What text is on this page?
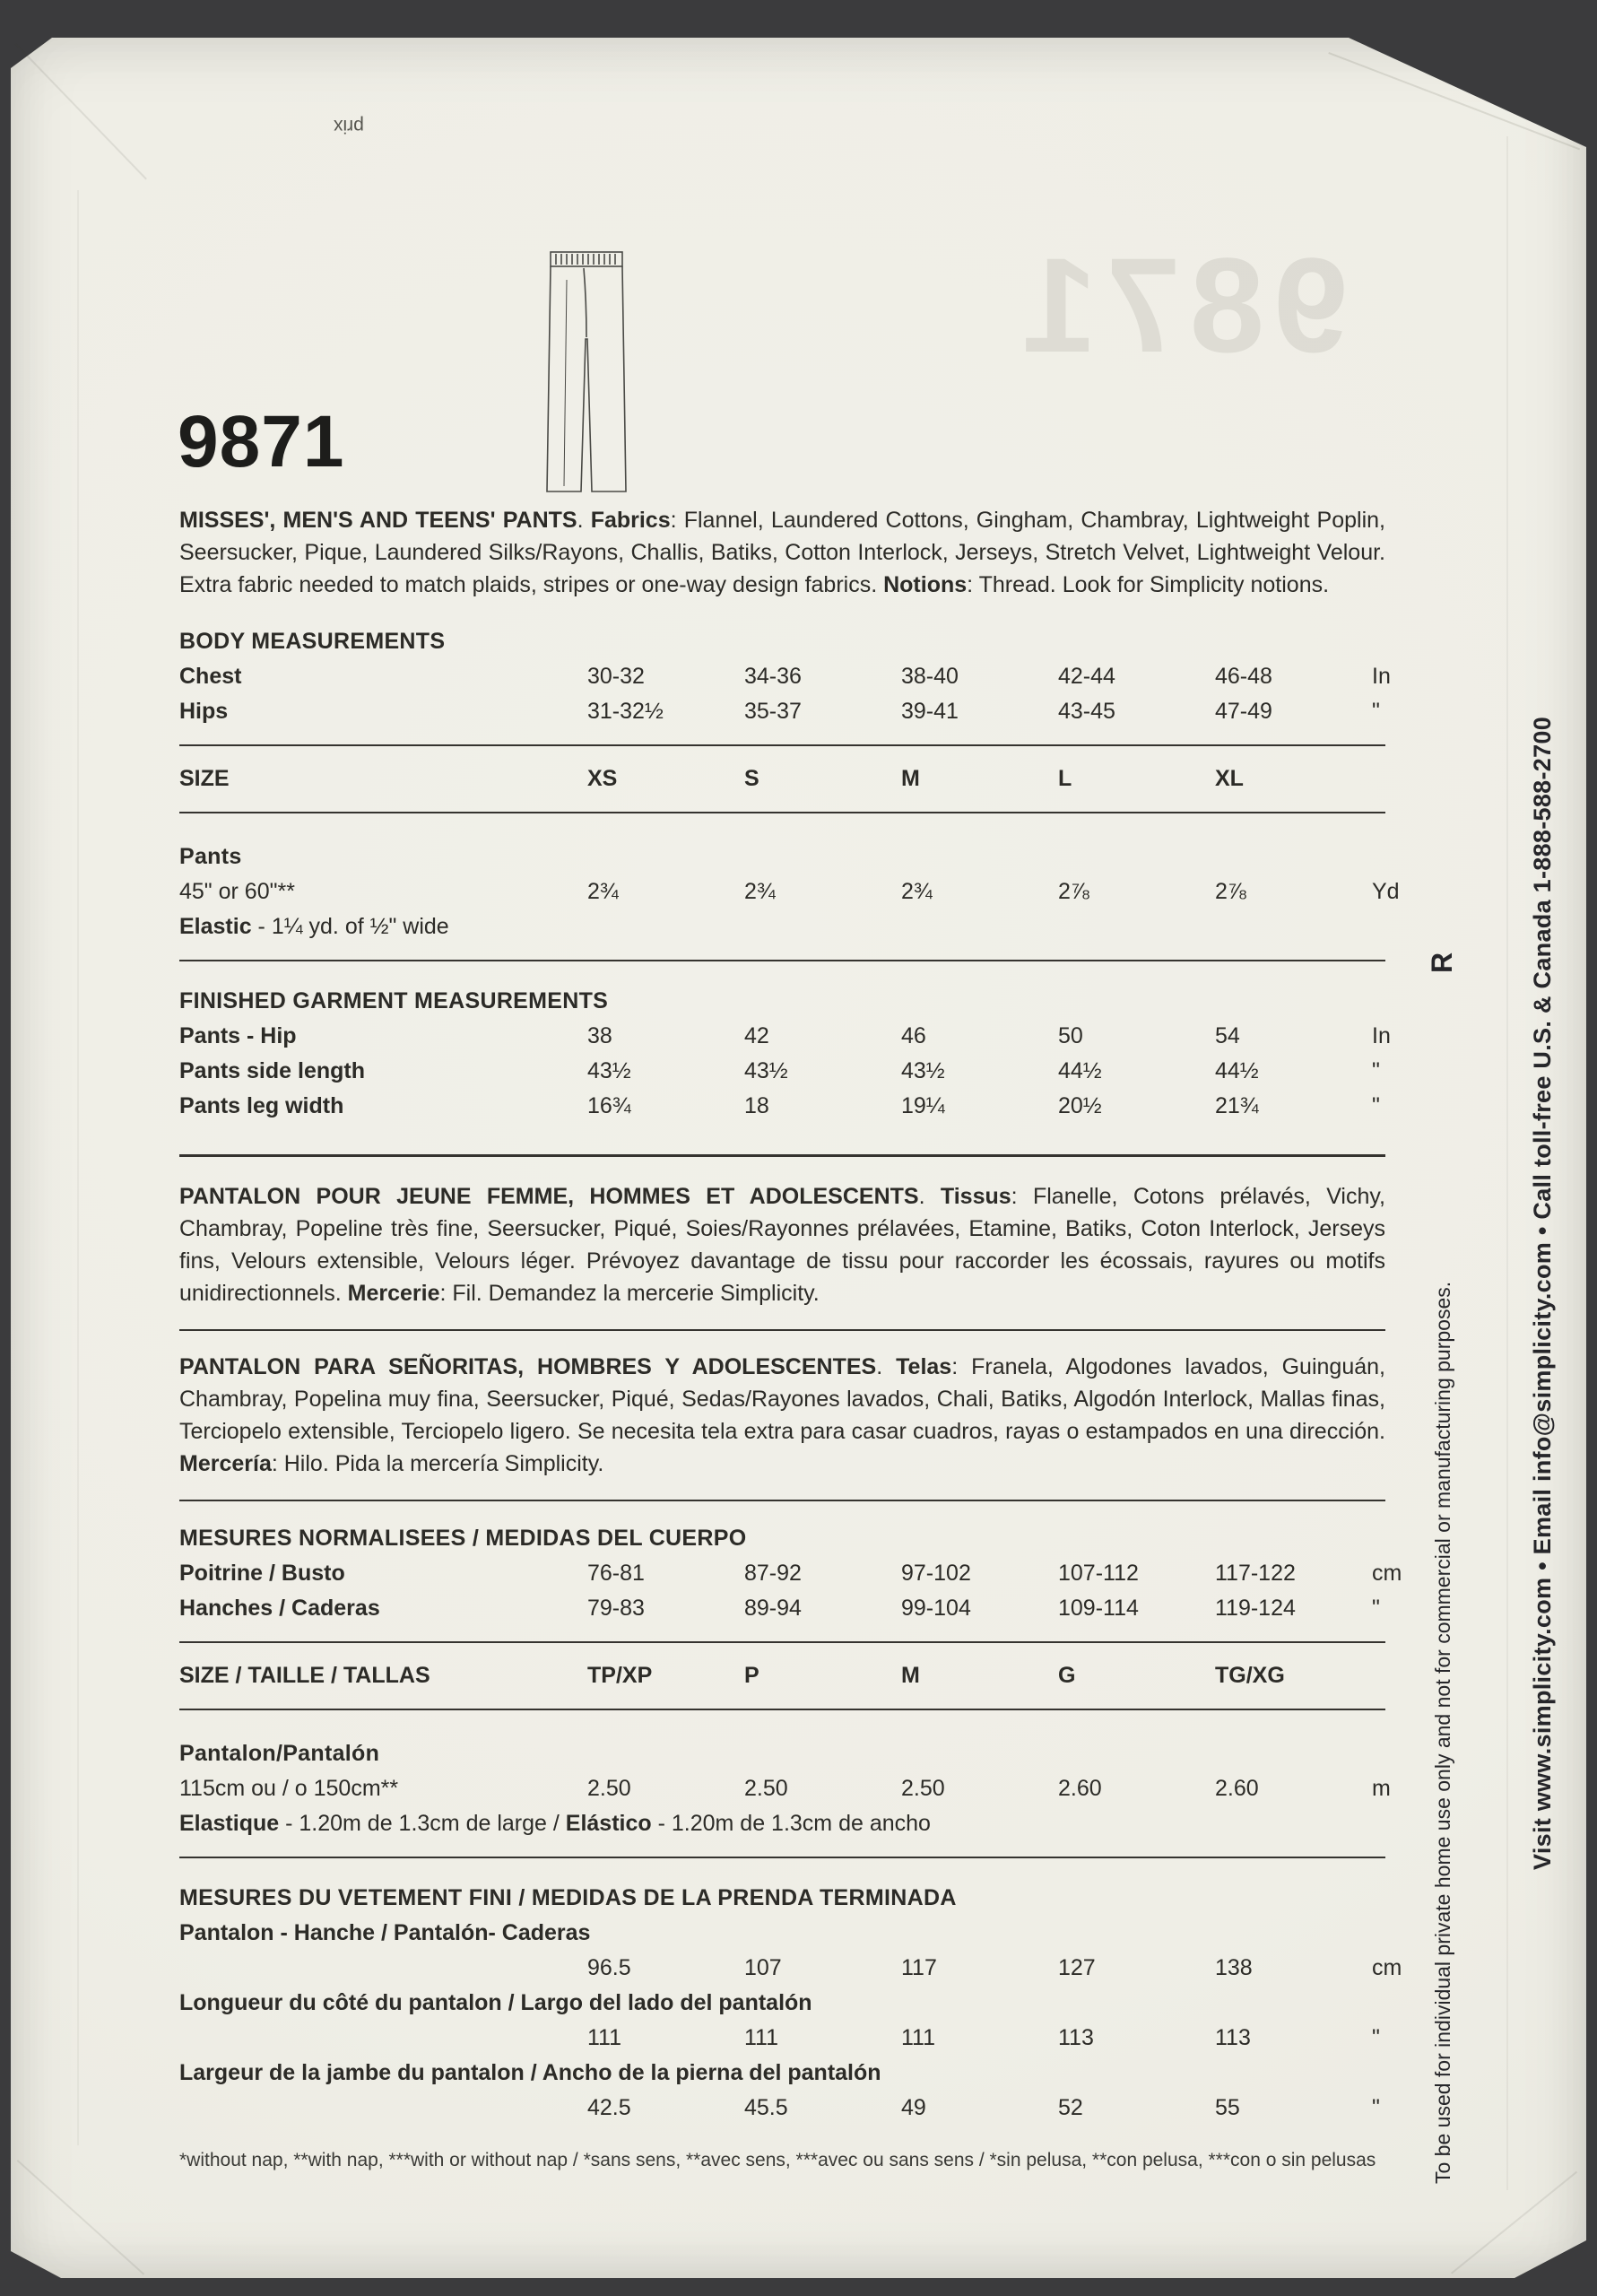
prix
9871
9871

MISSES', MEN'S AND TEENS' PANTS. Fabrics: Flannel, Laundered Cottons, Gingham, Chambray, Lightweight Poplin, Seersucker, Pique, Laundered Silks/Rayons, Challis, Batiks, Cotton Interlock, Jerseys, Stretch Velvet, Lightweight Velour. Extra fabric needed to match plaids, stripes or one-way design fabrics. Notions: Thread. Look for Simplicity notions.

BODY MEASUREMENTS
Chest	30-32	34-36	38-40	42-44	46-48	In
Hips	31-32½	35-37	39-41	43-45	47-49	"
SIZE	XS	S	M	L	XL
Pants
45" or 60"**	2¾	2¾	2¾	2⅞	2⅞	Yd

Elastic - 1¼ yd. of ½" wide

FINISHED GARMENT MEASUREMENTS
Pants - Hip	38	42	46	50	54	In
Pants side length	43½	43½	43½	44½	44½	"
Pants leg width	16¾	18	19¼	20½	21¾	"

PANTALON POUR JEUNE FEMME, HOMMES ET ADOLESCENTS. Tissus: Flanelle, Cotons prélavés, Vichy, Chambray, Popeline très fine, Seersucker, Piqué, Soies/Rayonnes prélavées, Etamine, Batiks, Coton Interlock, Jerseys fins, Velours extensible, Velours léger. Prévoyez davantage de tissu pour raccorder les écossais, rayures ou motifs unidirectionnels. Mercerie: Fil. Demandez la mercerie Simplicity.

PANTALON PARA SEÑORITAS, HOMBRES Y ADOLESCENTES. Telas: Franela, Algodones lavados, Guinguán, Chambray, Popelina muy fina, Seersucker, Piqué, Sedas/Rayones lavados, Chali, Batiks, Algodón Interlock, Mallas finas, Terciopelo extensible, Terciopelo ligero. Se necesita tela extra para casar cuadros, rayas o estampados en una dirección. Mercería: Hilo. Pida la mercería Simplicity.

MESURES NORMALISEES / MEDIDAS DEL CUERPO
Poitrine / Busto	76-81	87-92	97-102	107-112	117-122	cm
Hanches / Caderas	79-83	89-94	99-104	109-114	119-124	"
SIZE / TAILLE / TALLAS	TP/XP	P	M	G	TG/XG
Pantalon/Pantalón
115cm ou / o 150cm**	2.50	2.50	2.50	2.60	2.60	m

Elastique - 1.20m de 1.3cm de large / Elástico - 1.20m de 1.3cm de ancho

MESURES DU VETEMENT FINI / MEDIDAS DE LA PRENDA TERMINADA
Pantalon - Hanche / Pantalón- Caderas
96.5	107	117	127	138	cm
Longueur du côté du pantalon / Largo del lado del pantalón
111	111	111	113	113	"
Largeur de la jambe du pantalon / Ancho de la pierna del pantalón
42.5	45.5	49	52	55	"

*without nap, **with nap, ***with or without nap / *sans sens, **avec sens, ***avec ou sans sens / *sin pelusa, **con pelusa, ***con o sin pelusas

Visit www.simplicity.com • Email info@simplicity.com • Call toll-free U.S. & Canada 1-888-588-2700
To be used for individual private home use only and not for commercial or manufacturing purposes.
R
